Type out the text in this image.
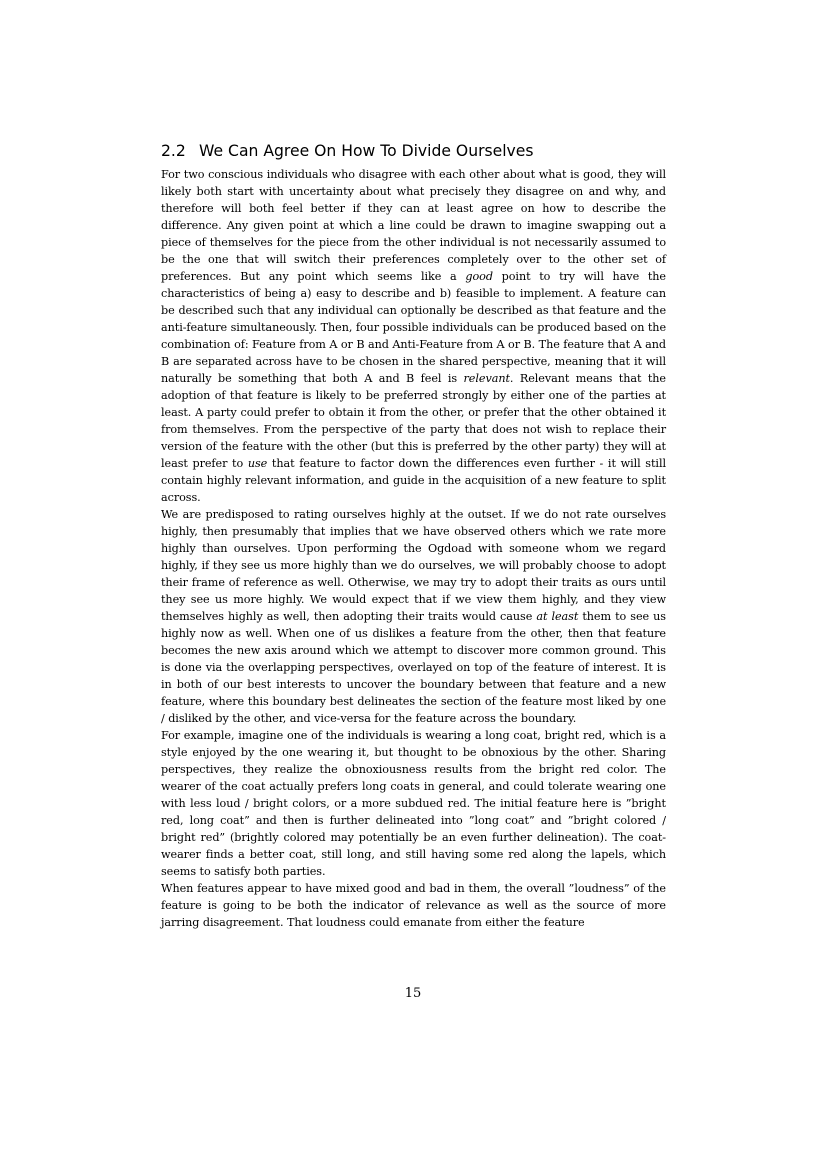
2.2 We Can Agree On How To Divide Ourselves

For two conscious individuals who disagree with each other about what is good, they will likely both start with uncertainty about what precisely they disagree on and why, and therefore will both feel better if they can at least agree on how to describe the difference. Any given point at which a line could be drawn to imagine swapping out a piece of themselves for the piece from the other individual is not necessarily assumed to be the one that will switch their preferences completely over to the other set of preferences. But any point which seems like a good point to try will have the characteristics of being a) easy to describe and b) feasible to implement. A feature can be described such that any individual can optionally be described as that feature and the anti-feature simultaneously. Then, four possible individuals can be produced based on the combination of: Feature from A or B and Anti-Feature from A or B. The feature that A and B are separated across have to be chosen in the shared perspective, meaning that it will naturally be something that both A and B feel is relevant. Relevant means that the adoption of that feature is likely to be preferred strongly by either one of the parties at least. A party could prefer to obtain it from the other, or prefer that the other obtained it from themselves. From the perspective of the party that does not wish to replace their version of the feature with the other (but this is preferred by the other party) they will at least prefer to use that feature to factor down the differences even further - it will still contain highly relevant information, and guide in the acquisition of a new feature to split across.

We are predisposed to rating ourselves highly at the outset. If we do not rate ourselves highly, then presumably that implies that we have observed others which we rate more highly than ourselves. Upon performing the Ogdoad with someone whom we regard highly, if they see us more highly than we do ourselves, we will probably choose to adopt their frame of reference as well. Otherwise, we may try to adopt their traits as ours until they see us more highly. We would expect that if we view them highly, and they view themselves highly as well, then adopting their traits would cause at least them to see us highly now as well. When one of us dislikes a feature from the other, then that feature becomes the new axis around which we attempt to discover more common ground. This is done via the overlapping perspectives, overlayed on top of the feature of interest. It is in both of our best interests to uncover the boundary between that feature and a new feature, where this boundary best delineates the section of the feature most liked by one / disliked by the other, and vice-versa for the feature across the boundary.

For example, imagine one of the individuals is wearing a long coat, bright red, which is a style enjoyed by the one wearing it, but thought to be obnoxious by the other. Sharing perspectives, they realize the obnoxiousness results from the bright red color. The wearer of the coat actually prefers long coats in general, and could tolerate wearing one with less loud / bright colors, or a more subdued red. The initial feature here is ”bright red, long coat” and then is further delineated into ”long coat” and ”bright colored / bright red” (brightly colored may potentially be an even further delineation). The coat-wearer finds a better coat, still long, and still having some red along the lapels, which seems to satisfy both parties.

When features appear to have mixed good and bad in them, the overall ”loudness” of the feature is going to be both the indicator of relevance as well as the source of more jarring disagreement. That loudness could emanate from either the feature

15
